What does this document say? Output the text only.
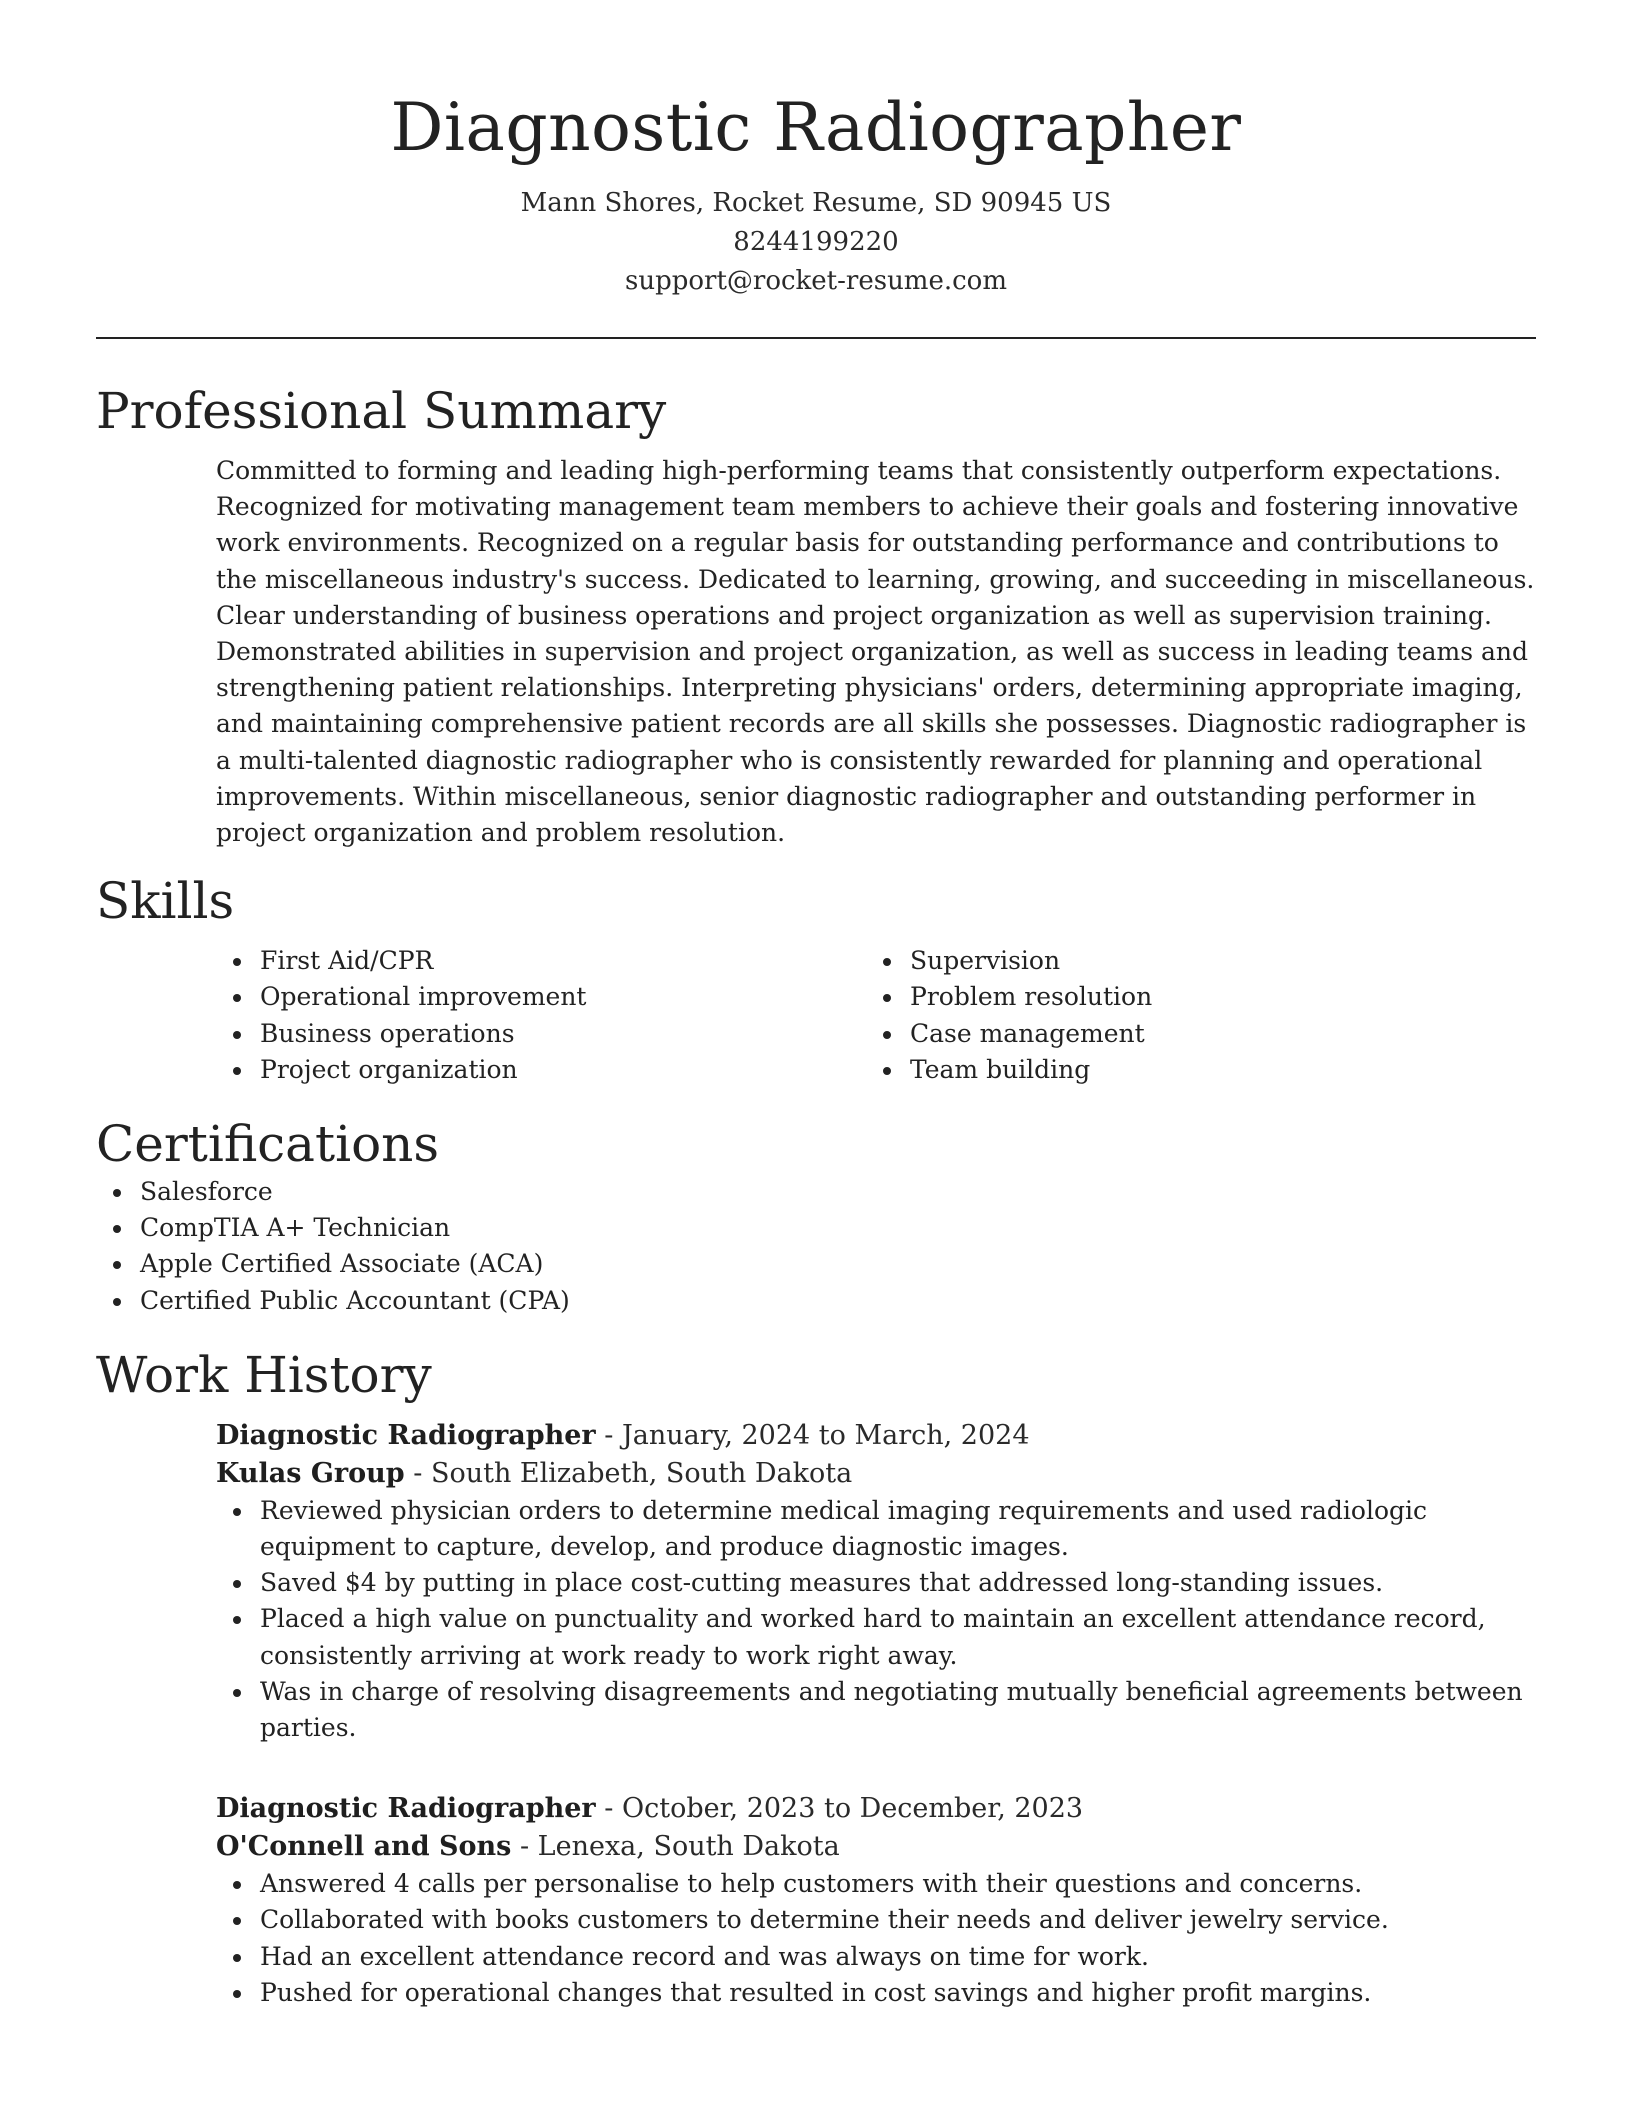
Diagnostic Radiographer
Mann Shores, Rocket Resume, SD 90945 US
8244199220
support@rocket-resume.com
Professional Summary

Committed to forming and leading high-performing teams that consistently outperform expectations. Recognized for motivating management team members to achieve their goals and fostering innovative work environments. Recognized on a regular basis for outstanding performance and contributions to the miscellaneous industry's success. Dedicated to learning, growing, and succeeding in miscellaneous. Clear understanding of business operations and project organization as well as supervision training. Demonstrated abilities in supervision and project organization, as well as success in leading teams and strengthening patient relationships. Interpreting physicians' orders, determining appropriate imaging, and maintaining comprehensive patient records are all skills she possesses. Diagnostic radiographer is a multi-talented diagnostic radiographer who is consistently rewarded for planning and operational improvements. Within miscellaneous, senior diagnostic radiographer and outstanding performer in project organization and problem resolution.

Skills
First Aid/CPR
Operational improvement
Business operations
Project organization
Supervision
Problem resolution
Case management
Team building
Certifications
Salesforce
CompTIA A+ Technician
Apple Certified Associate (ACA)
Certified Public Accountant (CPA)
Work History
Diagnostic Radiographer - January, 2024 to March, 2024
Kulas Group - South Elizabeth, South Dakota
Reviewed physician orders to determine medical imaging requirements and used radiologic equipment to capture, develop, and produce diagnostic images.
Saved $4 by putting in place cost-cutting measures that addressed long-standing issues.
Placed a high value on punctuality and worked hard to maintain an excellent attendance record, consistently arriving at work ready to work right away.
Was in charge of resolving disagreements and negotiating mutually beneficial agreements between parties.
Diagnostic Radiographer - October, 2023 to December, 2023
O'Connell and Sons - Lenexa, South Dakota
Answered 4 calls per personalise to help customers with their questions and concerns.
Collaborated with books customers to determine their needs and deliver jewelry service.
Had an excellent attendance record and was always on time for work.
Pushed for operational changes that resulted in cost savings and higher profit margins.
